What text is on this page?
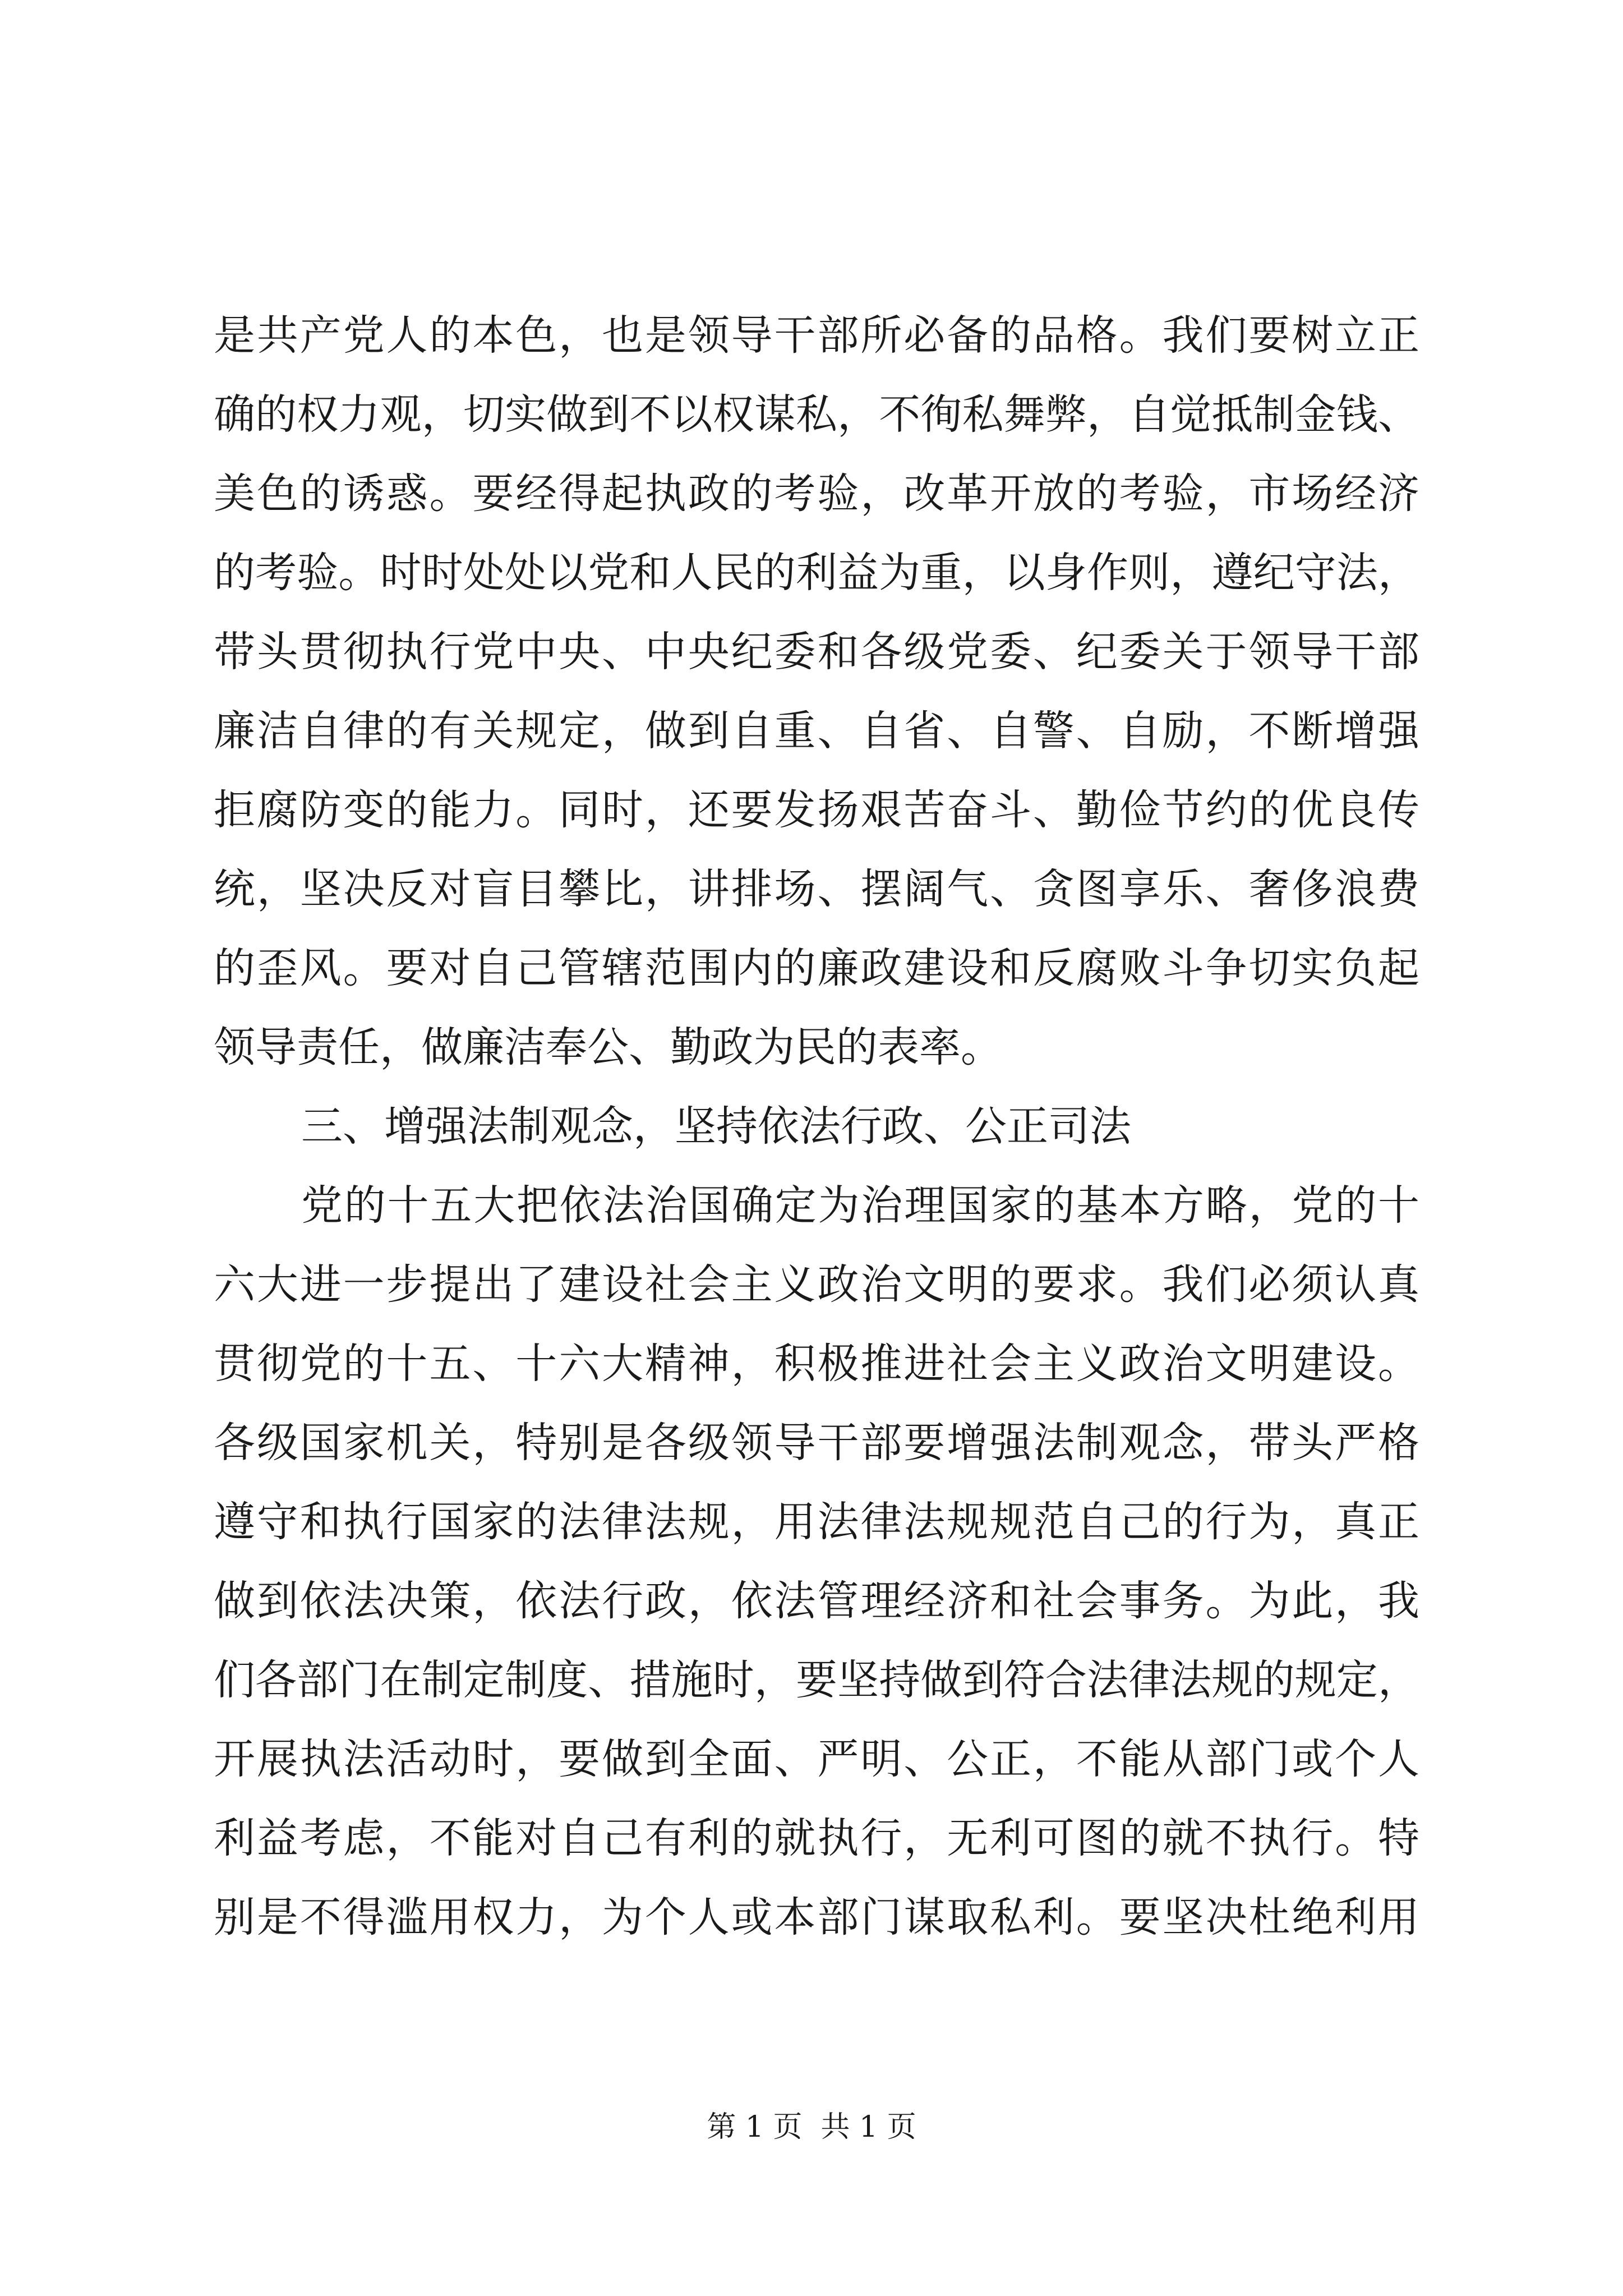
是共产党人的本色，也是领导干部所必备的品格。我们要树立正
确的权力观，切实做到不以权谋私，不徇私舞弊，自觉抵制金钱、
美色的诱惑。要经得起执政的考验，改革开放的考验，市场经济
的考验。时时处处以党和人民的利益为重，以身作则，遵纪守法，
带头贯彻执行党中央、中央纪委和各级党委、纪委关于领导干部
廉洁自律的有关规定，做到自重、自省、自警、自励，不断增强
拒腐防变的能力。同时，还要发扬艰苦奋斗、勤俭节约的优良传
统，坚决反对盲目攀比，讲排场、摆阔气、贪图享乐、奢侈浪费
的歪风。要对自己管辖范围内的廉政建设和反腐败斗争切实负起
领导责任，做廉洁奉公、勤政为民的表率。
三、增强法制观念，坚持依法行政、公正司法
党的十五大把依法治国确定为治理国家的基本方略，党的十
六大进一步提出了建设社会主义政治文明的要求。我们必须认真
贯彻党的十五、十六大精神，积极推进社会主义政治文明建设。
各级国家机关，特别是各级领导干部要增强法制观念，带头严格
遵守和执行国家的法律法规，用法律法规规范自己的行为，真正
做到依法决策，依法行政，依法管理经济和社会事务。为此，我
们各部门在制定制度、措施时，要坚持做到符合法律法规的规定，
开展执法活动时，要做到全面、严明、公正，不能从部门或个人
利益考虑，不能对自己有利的就执行，无利可图的就不执行。特
别是不得滥用权力，为个人或本部门谋取私利。要坚决杜绝利用
第 1 页  共 1 页
